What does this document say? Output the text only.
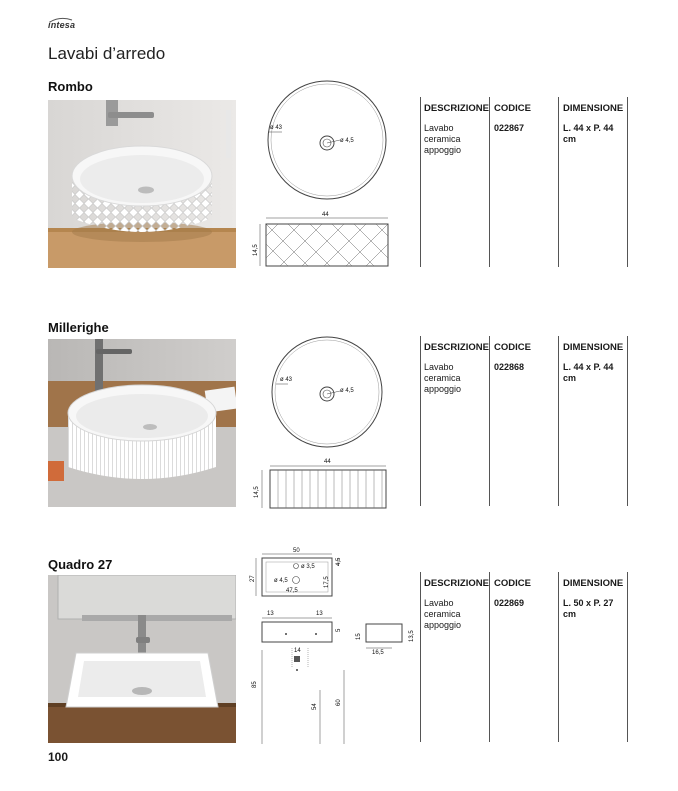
intesa
Lavabi d’arredo
Rombo
ø 43
ø 4,5
44
14,5
DESCRIZIONE CODICE	DIMENSIONE
Lavabo
ceramica
appoggio
022867	L. 44 x P. 44 cm
Millerighe
ø 43
ø 4,5
44
14,5
DESCRIZIONE CODICE	DIMENSIONE
Lavabo
ceramica
appoggio
022868	L. 44 x P. 44 cm
Quadro 27
50
ø 3,5
ø 4,5
47,5
27
4,5
17,5
13	13
5
15
16,5
13,5
14
85
54
60
DESCRIZIONE CODICE	DIMENSIONE
Lavabo
ceramica
appoggio
022869	L. 50 x P. 27 cm
100
